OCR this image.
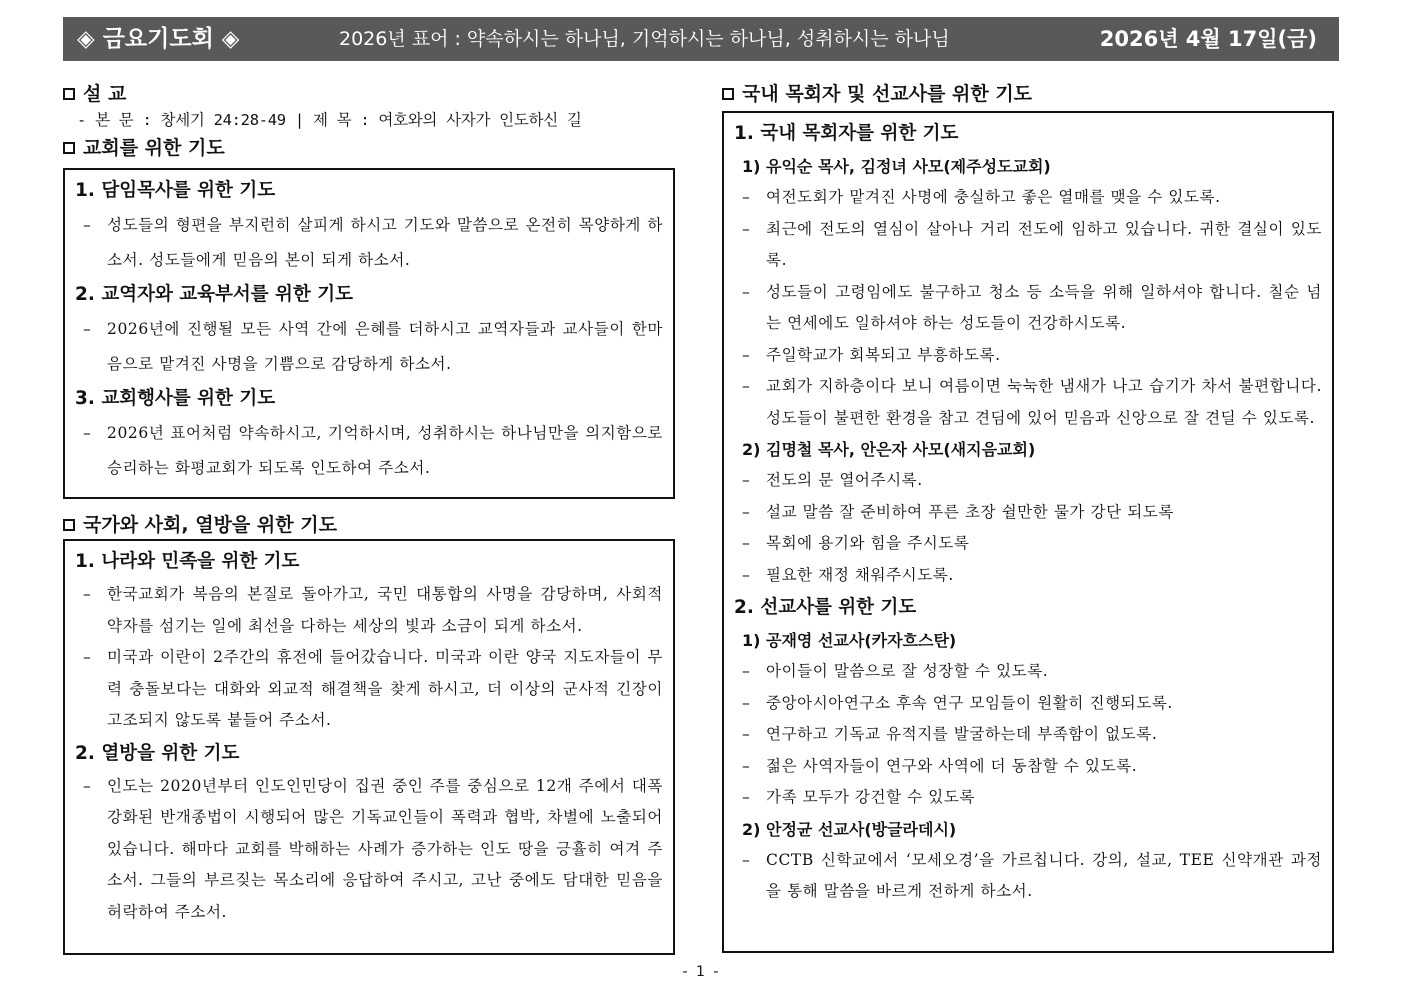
◈ 금요기도회 ◈	2026년 표어 : 약속하시는 하나님, 기억하시는 하나님, 성취하시는 하나님	2026년 4월 17일(금)
설 교
- 본 문 : 창세기 24:28-49 | 제 목 : 여호와의 사자가 인도하신 길
교회를 위한 기도
1. 담임목사를 위한 기도
– 성도들의 형편을 부지런히 살피게 하시고 기도와 말씀으로 온전히 목양하게 하소서. 성도들에게 믿음의 본이 되게 하소서.
2. 교역자와 교육부서를 위한 기도
– 2026년에 진행될 모든 사역 간에 은혜를 더하시고 교역자들과 교사들이 한마음으로 맡겨진 사명을 기쁨으로 감당하게 하소서.
3. 교회행사를 위한 기도
– 2026년 표어처럼 약속하시고, 기억하시며, 성취하시는 하나님만을 의지함으로 승리하는 화평교회가 되도록 인도하여 주소서.
국가와 사회, 열방을 위한 기도
1. 나라와 민족을 위한 기도
– 한국교회가 복음의 본질로 돌아가고, 국민 대통합의 사명을 감당하며, 사회적 약자를 섬기는 일에 최선을 다하는 세상의 빛과 소금이 되게 하소서.
– 미국과 이란이 2주간의 휴전에 들어갔습니다. 미국과 이란 양국 지도자들이 무력 충돌보다는 대화와 외교적 해결책을 찾게 하시고, 더 이상의 군사적 긴장이 고조되지 않도록 붙들어 주소서.
2. 열방을 위한 기도
– 인도는 2020년부터 인도인민당이 집권 중인 주를 중심으로 12개 주에서 대폭 강화된 반개종법이 시행되어 많은 기독교인들이 폭력과 협박, 차별에 노출되어 있습니다. 해마다 교회를 박해하는 사례가 증가하는 인도 땅을 긍휼히 여겨 주소서. 그들의 부르짖는 목소리에 응답하여 주시고, 고난 중에도 담대한 믿음을 허락하여 주소서.
국내 목회자 및 선교사를 위한 기도
1. 국내 목회자를 위한 기도
1) 유익순 목사, 김정녀 사모(제주성도교회)
– 여전도회가 맡겨진 사명에 충실하고 좋은 열매를 맺을 수 있도록.
– 최근에 전도의 열심이 살아나 거리 전도에 임하고 있습니다. 귀한 결실이 있도록.
– 성도들이 고령임에도 불구하고 청소 등 소득을 위해 일하셔야 합니다. 칠순 넘는 연세에도 일하셔야 하는 성도들이 건강하시도록.
– 주일학교가 회복되고 부흥하도록.
– 교회가 지하층이다 보니 여름이면 눅눅한 냄새가 나고 습기가 차서 불편합니다. 성도들이 불편한 환경을 참고 견딤에 있어 믿음과 신앙으로 잘 견딜 수 있도록.
2) 김명철 목사, 안은자 사모(새지음교회)
– 전도의 문 열어주시록.
– 설교 말씀 잘 준비하여 푸른 초장 쉴만한 물가 강단 되도록
– 목회에 용기와 힘을 주시도록
– 필요한 재정 채워주시도록.
2. 선교사를 위한 기도
1) 공재영 선교사(카자흐스탄)
– 아이들이 말씀으로 잘 성장할 수 있도록.
– 중앙아시아연구소 후속 연구 모임들이 원활히 진행되도록.
– 연구하고 기독교 유적지를 발굴하는데 부족함이 없도록.
– 젊은 사역자들이 연구와 사역에 더 동참할 수 있도록.
– 가족 모두가 강건할 수 있도록
2) 안정균 선교사(방글라데시)
– CCTB 신학교에서 ‘모세오경’을 가르칩니다. 강의, 설교, TEE 신약개관 과정을 통해 말씀을 바르게 전하게 하소서.
- 1 -
